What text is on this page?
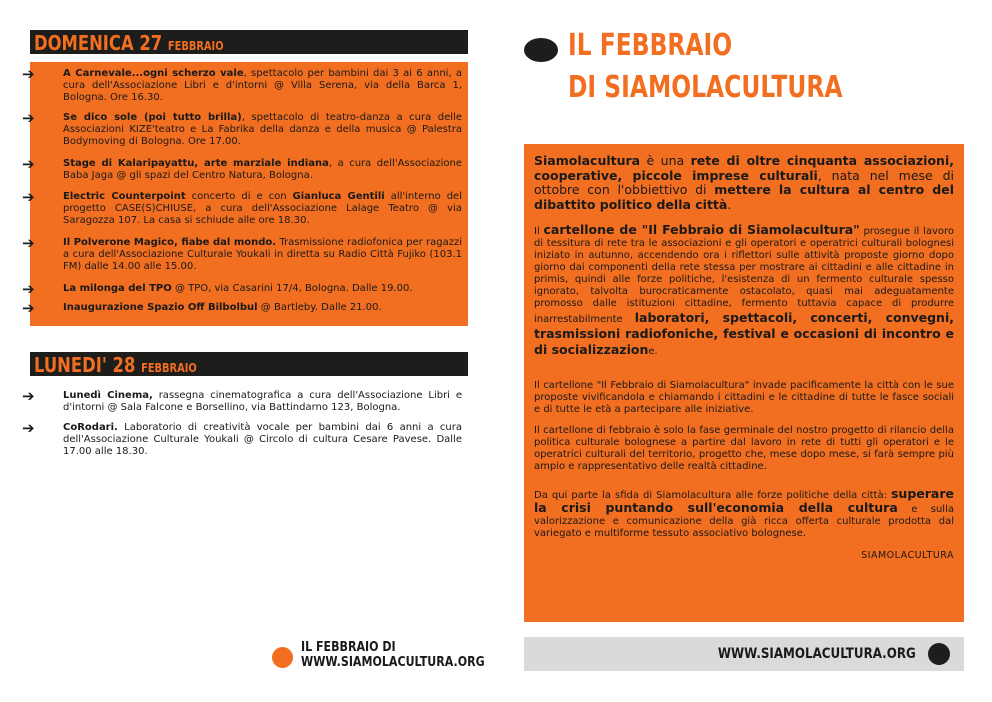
DOMENICA 27 FEBBRAIO
➔	A Carnevale...ogni scherzo vale, spettacolo per bambini dai 3 ai 6 anni, a cura dell'Associazione Libri e d'intorni @ Villa Serena, via della Barca 1, Bologna. Ore 16.30.
➔	Se dico sole (poi tutto brilla), spettacolo di teatro-danza a cura delle Associazioni KIZE'teatro e La Fabrika della danza e della musica @ Palestra Bodymoving di Bologna. Ore 17.00.
➔	Stage di Kalaripayattu, arte marziale indiana, a cura dell'Associazione Baba Jaga @ gli spazi del Centro Natura, Bologna.
➔	Electric Counterpoint concerto di e con Gianluca Gentili all'interno del progetto CASE(S)CHIUSE, a cura dell'Associazione Lalage Teatro @ via Saragozza 107. La casa si schiude alle ore 18.30.
➔	Il Polverone Magico, fiabe dal mondo. Trasmissione radiofonica per ragazzi a cura dell'Associazione Culturale Youkali in diretta su Radio Città Fujiko (103.1 FM) dalle 14.00 alle 15.00.
➔	La milonga del TPO @ TPO, via Casarini 17/4, Bologna. Dalle 19.00.
➔	Inaugurazione Spazio Off Bilbolbul @ Bartleby. Dalle 21.00.
LUNEDI' 28 FEBBRAIO
➔	Lunedì Cinema, rassegna cinematografica a cura dell'Associazione Libri e d'intorni @ Sala Falcone e Borsellino, via Battindarno 123, Bologna.
➔	CoRodari. Laboratorio di creatività vocale per bambini dai 6 anni a cura dell'Associazione Culturale Youkali @ Circolo di cultura Cesare Pavese. Dalle 17.00 alle 18.30.
IL FEBBRAIO DI
WWW.SIAMOLACULTURA.ORG
IL FEBBRAIO
DI SIAMOLACULTURA
Siamolacultura è una rete di oltre cinquanta associazioni, cooperative, piccole imprese culturali, nata nel mese di ottobre con l'obbiettivo di mettere la cultura al centro del dibattito politico della città.
Il cartellone de "Il Febbraio di Siamolacultura" prosegue il lavoro di tessitura di rete tra le associazioni e gli operatori e operatrici culturali bolognesi iniziato in autunno, accendendo ora i riflettori sulle attività proposte giorno dopo giorno dai componenti della rete stessa per mostrare ai cittadini e alle cittadine in primis, quindi alle forze politiche, l'esistenza di un fermento culturale spesso ignorato, talvolta burocraticamente ostacolato, quasi mai adeguatamente promosso dalle istituzioni cittadine, fermento tuttavia capace di produrre inarrestabilmente laboratori, spettacoli, concerti, convegni, trasmissioni radiofoniche, festival e occasioni di incontro e di socializzazione.
Il cartellone "Il Febbraio di Siamolacultura" invade pacificamente la città con le sue proposte vivificandola e chiamando i cittadini e le cittadine di tutte le fasce sociali e di tutte le età a partecipare alle iniziative.
Il cartellone di febbraio è solo la fase germinale del nostro progetto di rilancio della politica culturale bolognese a partire dal lavoro in rete di tutti gli operatori e le operatrici culturali del territorio, progetto che, mese dopo mese, si farà sempre più ampio e rappresentativo delle realtà cittadine.
Da qui parte la sfida di Siamolacultura alle forze politiche della città: superare la crisi puntando sull'economia della cultura e sulla valorizzazione e comunicazione della già ricca offerta culturale prodotta dal variegato e multiforme tessuto associativo bolognese.
SIAMOLACULTURA
WWW.SIAMOLACULTURA.ORG
